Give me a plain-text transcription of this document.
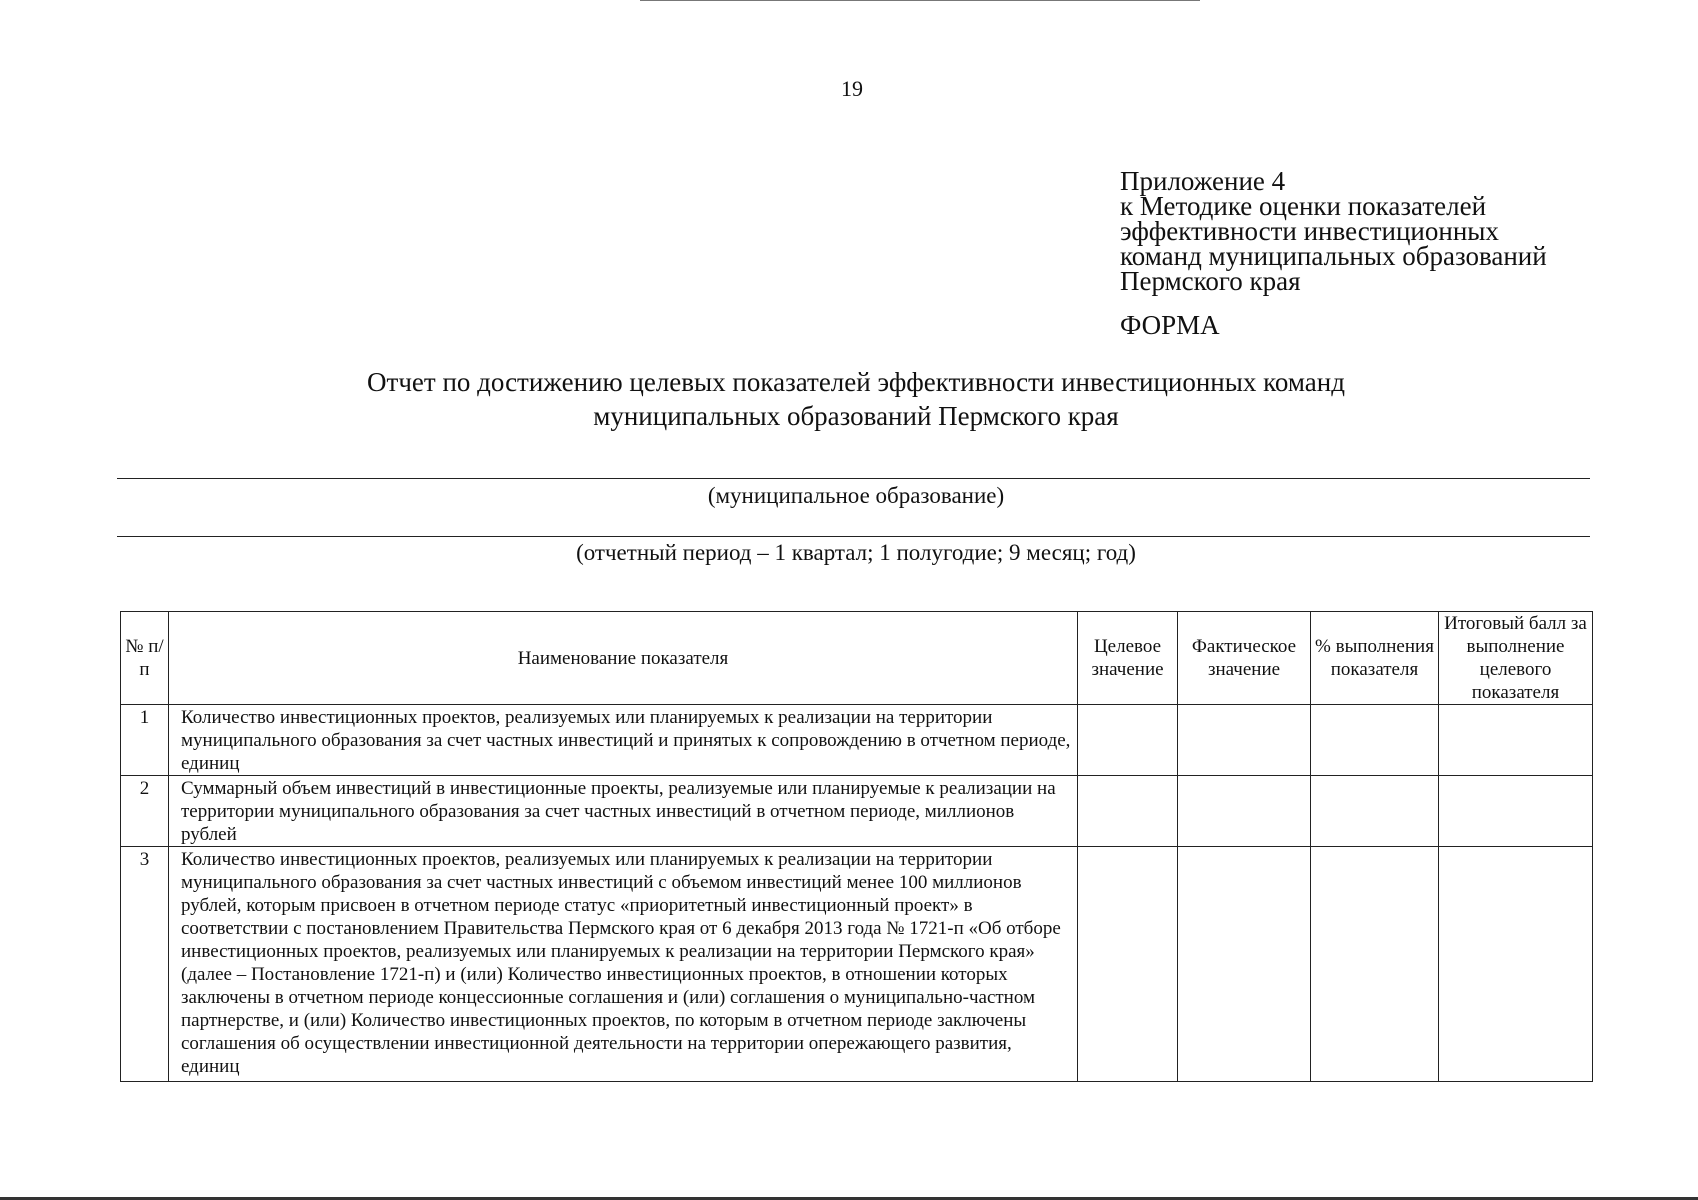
19
Приложение 4
к Методике оценки показателей
эффективности инвестиционных
команд муниципальных образований
Пермского края
ФОРМА
Отчет по достижению целевых показателей эффективности инвестиционных команд
муниципальных образований Пермского края
(муниципальное образование)
(отчетный период – 1 квартал; 1 полугодие; 9 месяц; год)
№ п/п	Наименование показателя	Целевое значение	Фактическое значение	% выполнения показателя	Итоговый балл за выполнение целевого показателя
1	Количество инвестиционных проектов, реализуемых или планируемых к реализации на территории муниципального образования за счет частных инвестиций и принятых к сопровождению в отчетном периоде, единиц				
2	Суммарный объем инвестиций в инвестиционные проекты, реализуемые или планируемые к реализации на территории муниципального образования за счет частных инвестиций в отчетном периоде, миллионов рублей				
3	Количество инвестиционных проектов, реализуемых или планируемых к реализации на территории муниципального образования за счет частных инвестиций с объемом инвестиций менее 100 миллионов рублей, которым присвоен в отчетном периоде статус «приоритетный инвестиционный проект» в соответствии с постановлением Правительства Пермского края от 6 декабря 2013 года № 1721-п «Об отборе инвестиционных проектов, реализуемых или планируемых к реализации на территории Пермского края» (далее – Постановление 1721-п) и (или) Количество инвестиционных проектов, в отношении которых заключены в отчетном периоде концессионные соглашения и (или) соглашения о муниципально-частном партнерстве, и (или) Количество инвестиционных проектов, по которым в отчетном периоде заключены соглашения об осуществлении инвестиционной деятельности на территории опережающего развития, единиц				
